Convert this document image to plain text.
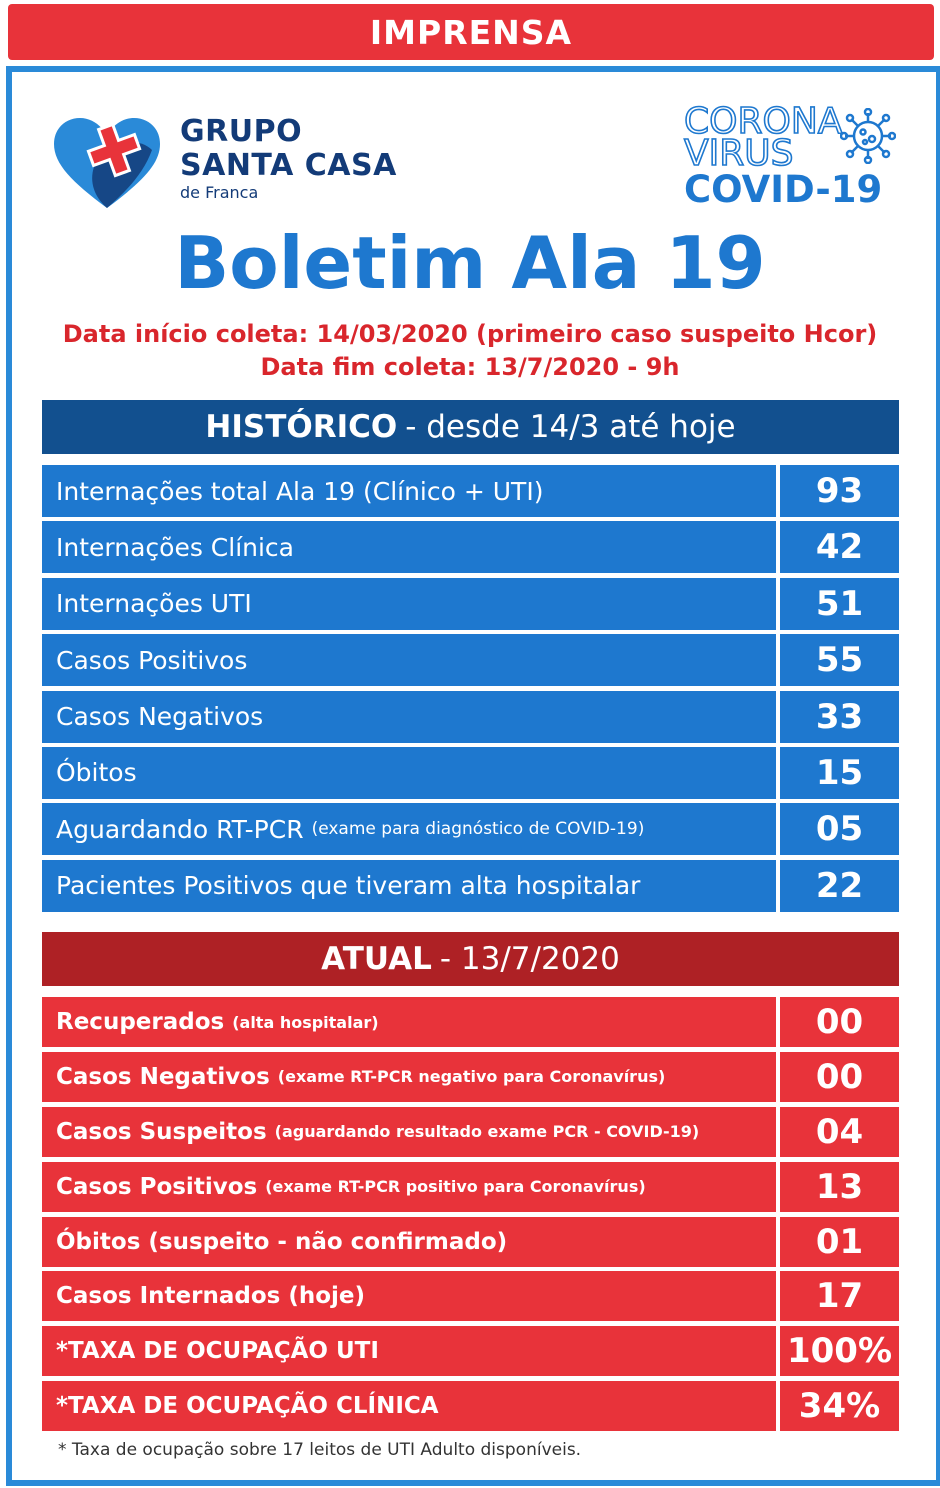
IMPRENSA
GRUPO
SANTA CASA
de Franca
CORONA
VIRUS
COVID-19
Boletim Ala 19
Data início coleta: 14/03/2020 (primeiro caso suspeito Hcor)
Data fim coleta: 13/7/2020 - 9h
HISTÓRICO - desde 14/3 até hoje
Internações total Ala 19 (Clínico + UTI)	93
Internações Clínica	42
Internações UTI	51
Casos Positivos	55
Casos Negativos	33
Óbitos	15
Aguardando RT-PCR (exame para diagnóstico de COVID-19)	05
Pacientes Positivos que tiveram alta hospitalar	22
ATUAL - 13/7/2020
Recuperados (alta hospitalar)	00
Casos Negativos (exame RT-PCR negativo para Coronavírus)	00
Casos Suspeitos (aguardando resultado exame PCR - COVID-19)	04
Casos Positivos (exame RT-PCR positivo para Coronavírus)	13
Óbitos (suspeito - não confirmado)	01
Casos Internados (hoje)	17
*TAXA DE OCUPAÇÃO UTI	100%
*TAXA DE OCUPAÇÃO CLÍNICA	34%
* Taxa de ocupação sobre 17 leitos de UTI Adulto disponíveis.
